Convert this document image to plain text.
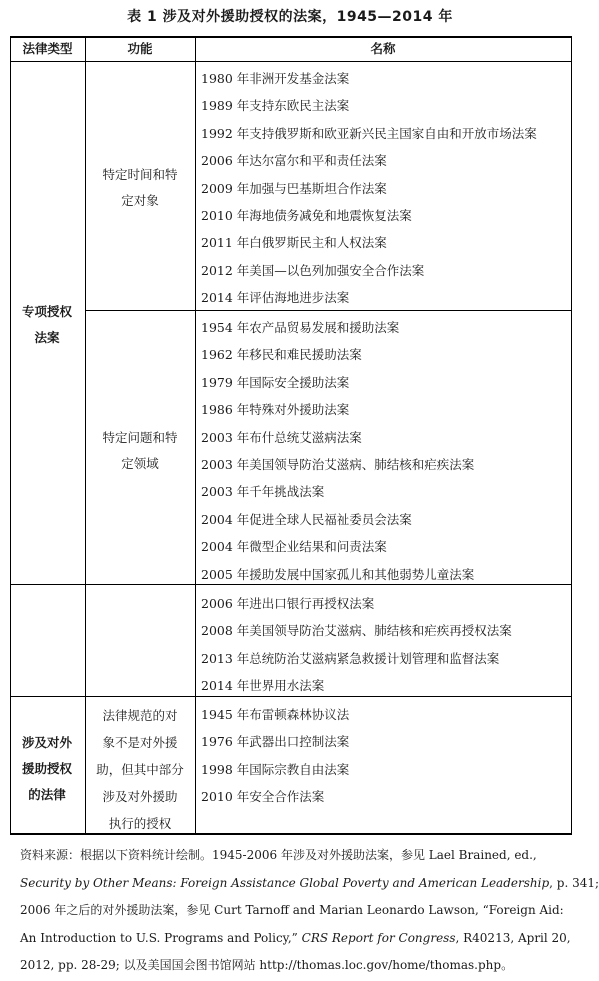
表 1 涉及对外援助授权的法案，1945—2014 年
法律类型	功能	名称
专项授权
法案
特定时间和特
定对象
1980 年非洲开发基金法案
1989 年支持东欧民主法案
1992 年支持俄罗斯和欧亚新兴民主国家自由和开放市场法案
2006 年达尔富尔和平和责任法案
2009 年加强与巴基斯坦合作法案
2010 年海地债务减免和地震恢复法案
2011 年白俄罗斯民主和人权法案
2012 年美国—以色列加强安全合作法案
2014 年评估海地进步法案
特定问题和特
定领域
1954 年农产品贸易发展和援助法案
1962 年移民和难民援助法案
1979 年国际安全援助法案
1986 年特殊对外援助法案
2003 年布什总统艾滋病法案
2003 年美国领导防治艾滋病、肺结核和疟疾法案
2003 年千年挑战法案
2004 年促进全球人民福祉委员会法案
2004 年微型企业结果和问责法案
2005 年援助发展中国家孤儿和其他弱势儿童法案
2006 年进出口银行再授权法案
2008 年美国领导防治艾滋病、肺结核和疟疾再授权法案
2013 年总统防治艾滋病紧急救援计划管理和监督法案
2014 年世界用水法案
涉及对外
援助授权
的法律
法律规范的对
象不是对外援
助，但其中部分
涉及对外援助
执行的授权
1945 年布雷顿森林协议法
1976 年武器出口控制法案
1998 年国际宗教自由法案
2010 年安全合作法案
资料来源：根据以下资料统计绘制。1945-2006 年涉及对外援助法案，参见 Lael Brained, ed.,
Security by Other Means: Foreign Assistance Global Poverty and American Leadership, p. 341;
2006 年之后的对外援助法案，参见 Curt Tarnoff and Marian Leonardo Lawson, “Foreign Aid:
An Introduction to U.S. Programs and Policy,” CRS Report for Congress, R40213, April 20,
2012, pp. 28-29; 以及美国国会图书馆网站 http://thomas.loc.gov/home/thomas.php。
